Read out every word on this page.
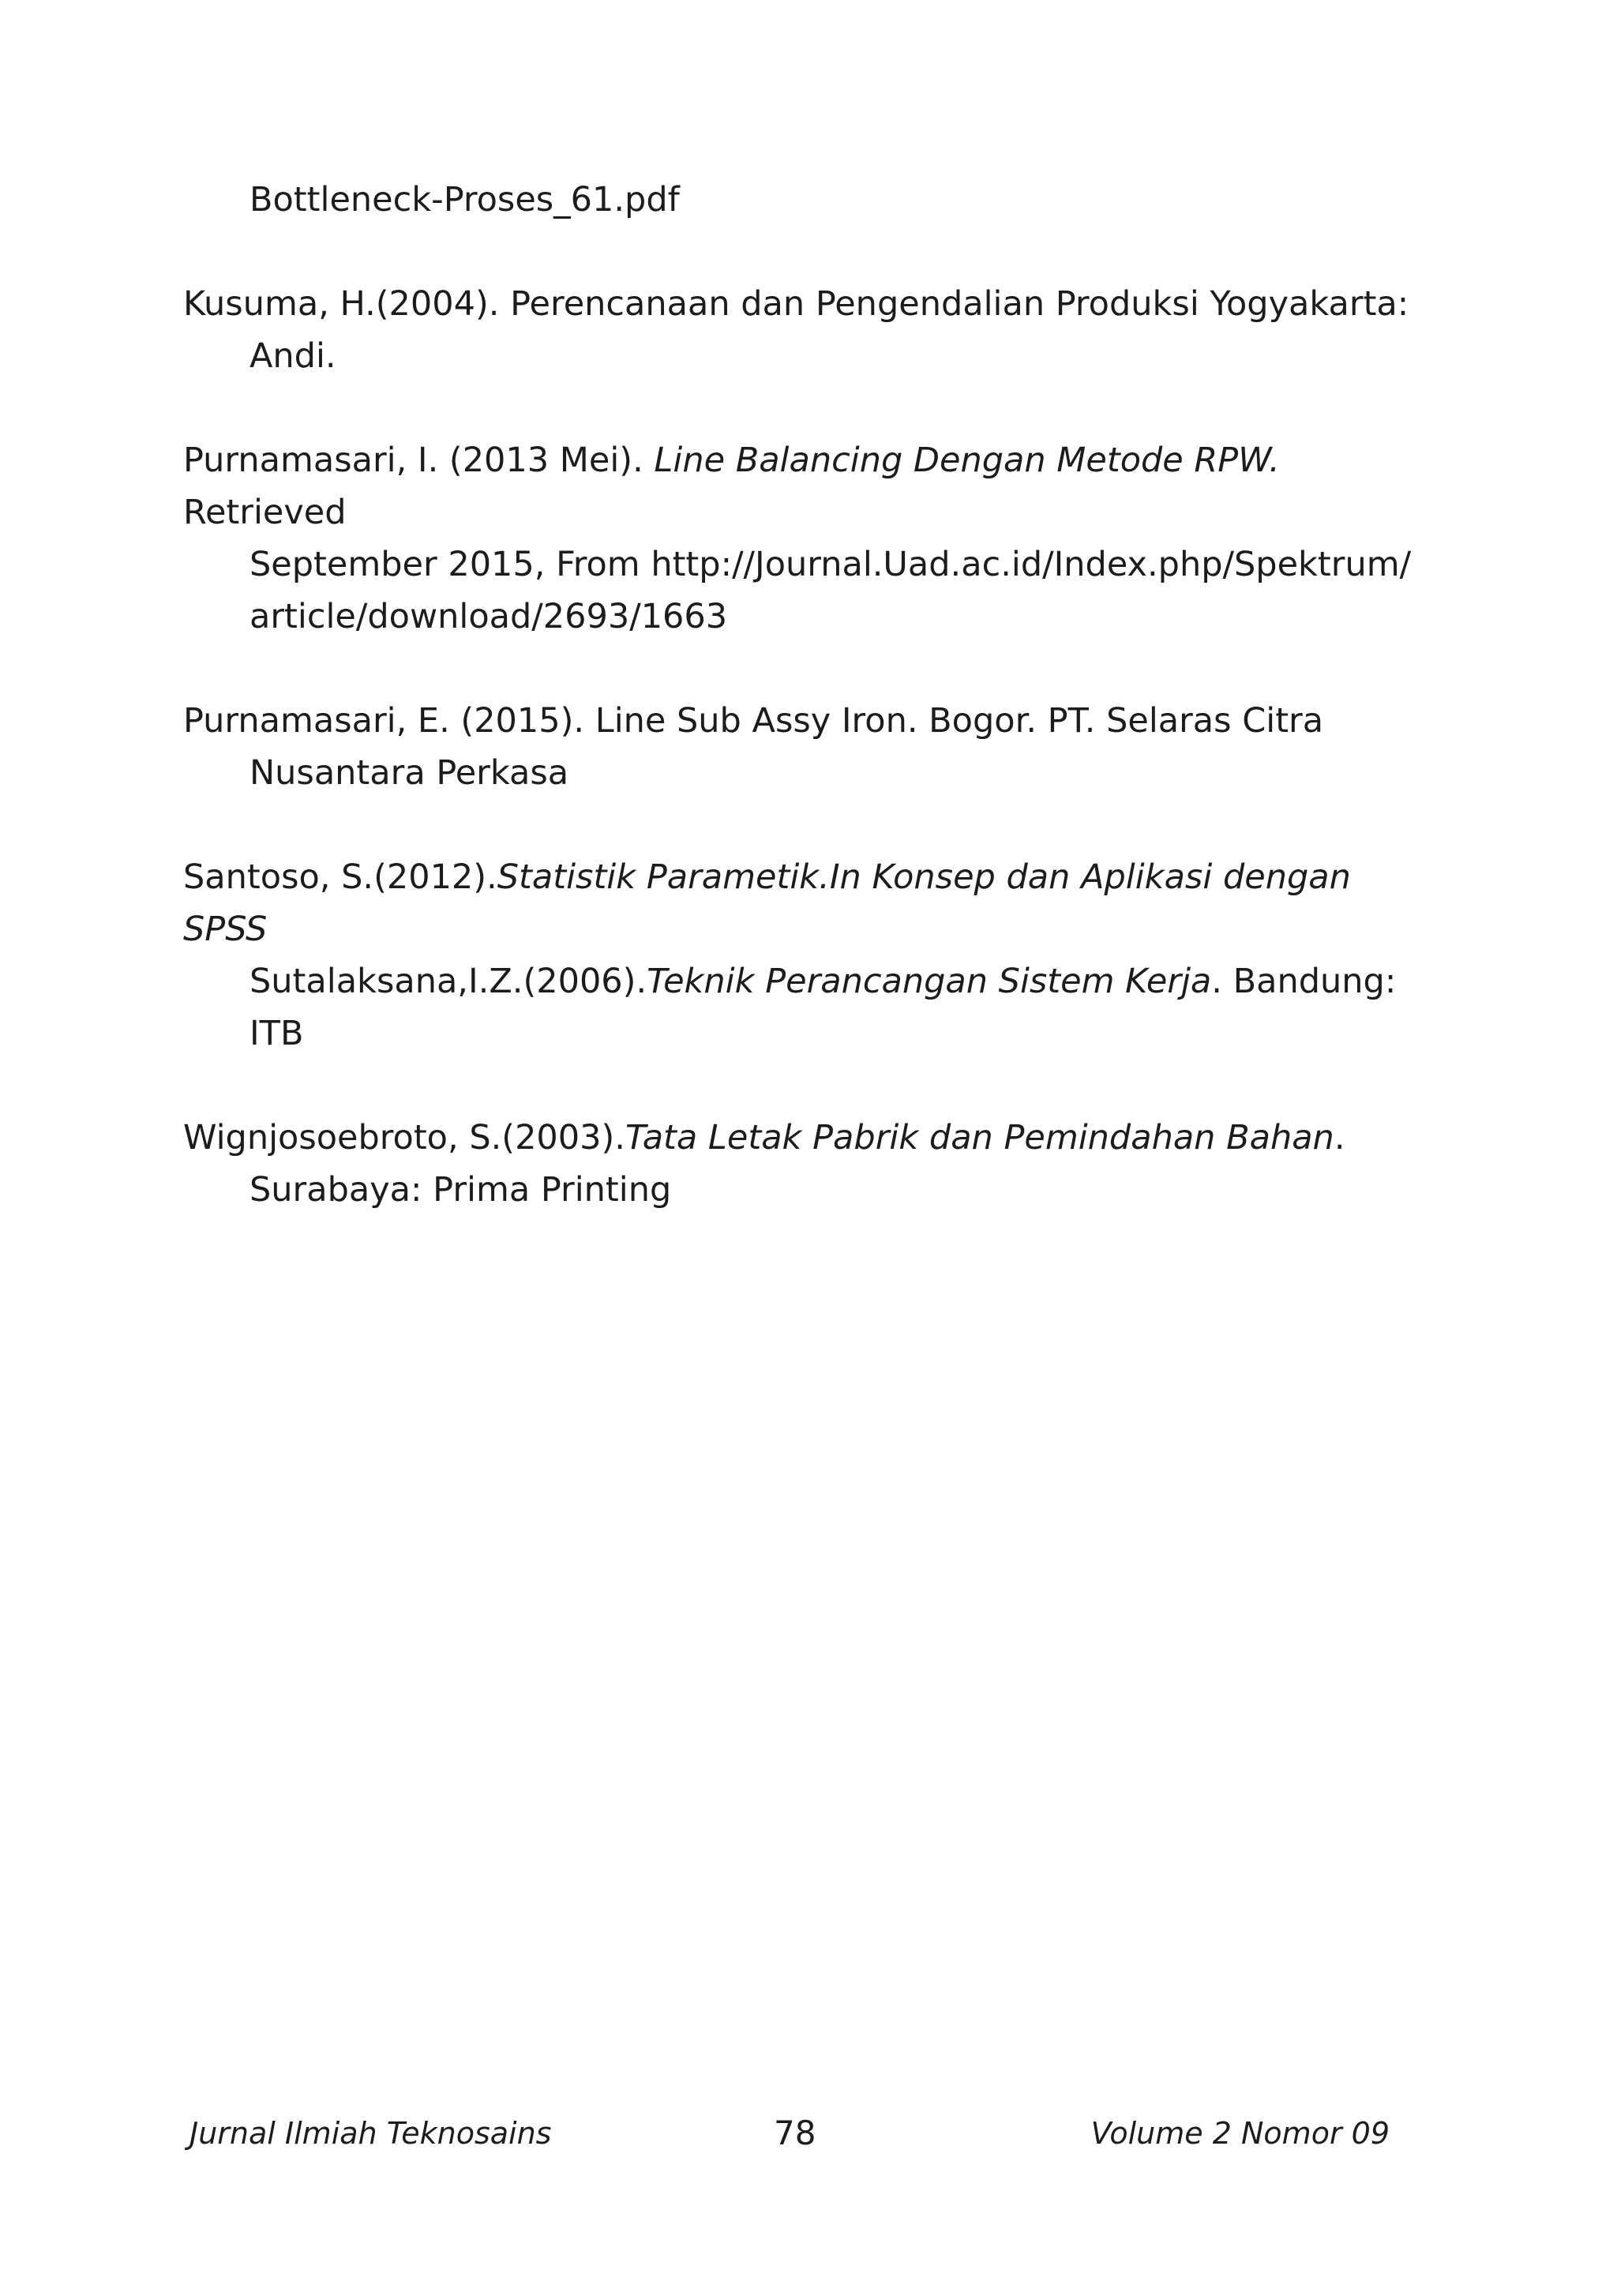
Bottleneck-Proses_61.pdf
Kusuma, H.(2004). Perencanaan dan Pengendalian Produksi Yogyakarta:
Andi.
Purnamasari, I. (2013 Mei). Line Balancing Dengan Metode RPW. Retrieved
September 2015, From http://Journal.Uad.ac.id/Index.php/Spektrum/
article/download/2693/1663
Purnamasari, E. (2015). Line Sub Assy Iron. Bogor. PT. Selaras Citra
Nusantara Perkasa
Santoso, S.(2012).Statistik Parametik.In Konsep dan Aplikasi dengan SPSS
Sutalaksana,I.Z.(2006).Teknik Perancangan Sistem Kerja. Bandung: ITB
Wignjosoebroto, S.(2003).Tata Letak Pabrik dan Pemindahan Bahan.
Surabaya: Prima Printing
Jurnal Ilmiah Teknosains	78	Volume 2 Nomor 09
